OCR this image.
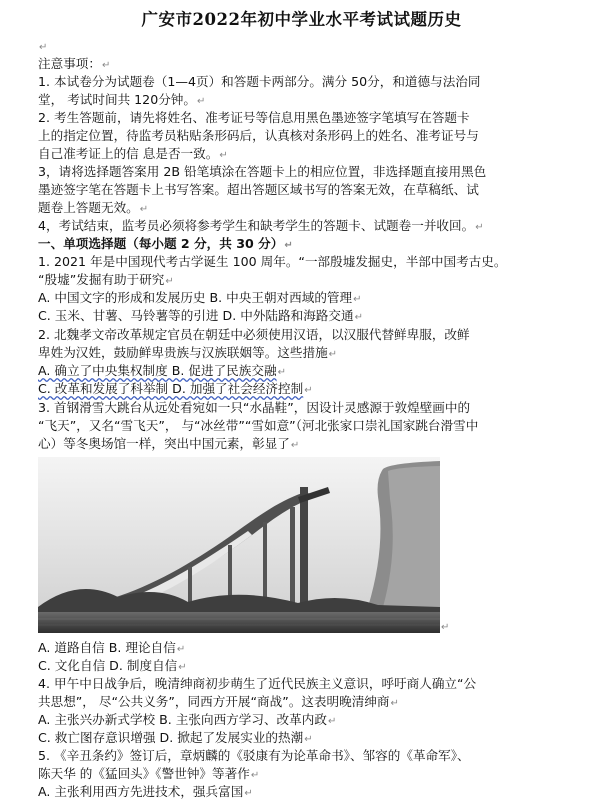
广安市2022年初中学业水平考试试题历史
↵
注意事项：↵
1. 本试卷分为试题卷（1—4页）和答题卡两部分。满分 50分，和道德与法治同
堂， 考试时间共 120分钟。↵
2. 考生答题前，请先将姓名、准考证号等信息用黑色墨迹签字笔填写在答题卡
上的指定位置，待监考员粘贴条形码后，认真核对条形码上的姓名、准考证号与
自己准考证上的信 息是否一致。↵
3，请将选择题答案用 2B 铅笔填涂在答题卡上的相应位置，非选择题直接用黑色
墨迹签字笔在答题卡上书写答案。超出答题区域书写的答案无效，在草稿纸、试
题卷上答题无效。↵
4，考试结束，监考员必须将参考学生和缺考学生的答题卡、试题卷一并收回。↵
一、单项选择题（每小题 2 分，共 30 分）↵
1. 2021 年是中国现代考古学诞生 100 周年。“一部殷墟发掘史，半部中国考古史。
“殷墟”发掘有助于研究↵
A. 中国文字的形成和发展历史 B. 中央王朝对西域的管理↵
C. 玉米、甘薯、马铃薯等的引进 D. 中外陆路和海路交通↵
2. 北魏孝文帝改革规定官员在朝廷中必须使用汉语，以汉服代替鲜卑服，改鲜
卑姓为汉姓，鼓励鲜卑贵族与汉族联姻等。这些措施↵
A. 确立了中央集权制度 B. 促进了民族交融↵
C. 改革和发展了科举制 D. 加强了社会经济控制↵
3. 首钢滑雪大跳台从远处看宛如一只“水晶鞋”，因设计灵感源于敦煌壁画中的
“飞天”，又名“雪飞天”， 与“冰丝带”“雪如意”（河北张家口崇礼国家跳台滑雪中
心）等冬奥场馆一样，突出中国元素，彰显了↵
↵
A. 道路自信 B. 理论自信↵
C. 文化自信 D. 制度自信↵
4. 甲午中日战争后，晚清绅商初步萌生了近代民族主义意识，呼吁商人确立“公
共思想”， 尽“公共义务”，同西方开展“商战”。这表明晚清绅商↵
A. 主张兴办新式学校 B. 主张向西方学习、改革内政↵
C. 救亡图存意识增强 D. 掀起了发展实业的热潮↵
5. 《辛丑条约》签订后，章炳麟的《驳康有为论革命书》、邹容的《革命军》、
陈天华 的《猛回头》《警世钟》等著作↵
A. 主张利用西方先进技术，强兵富国↵
